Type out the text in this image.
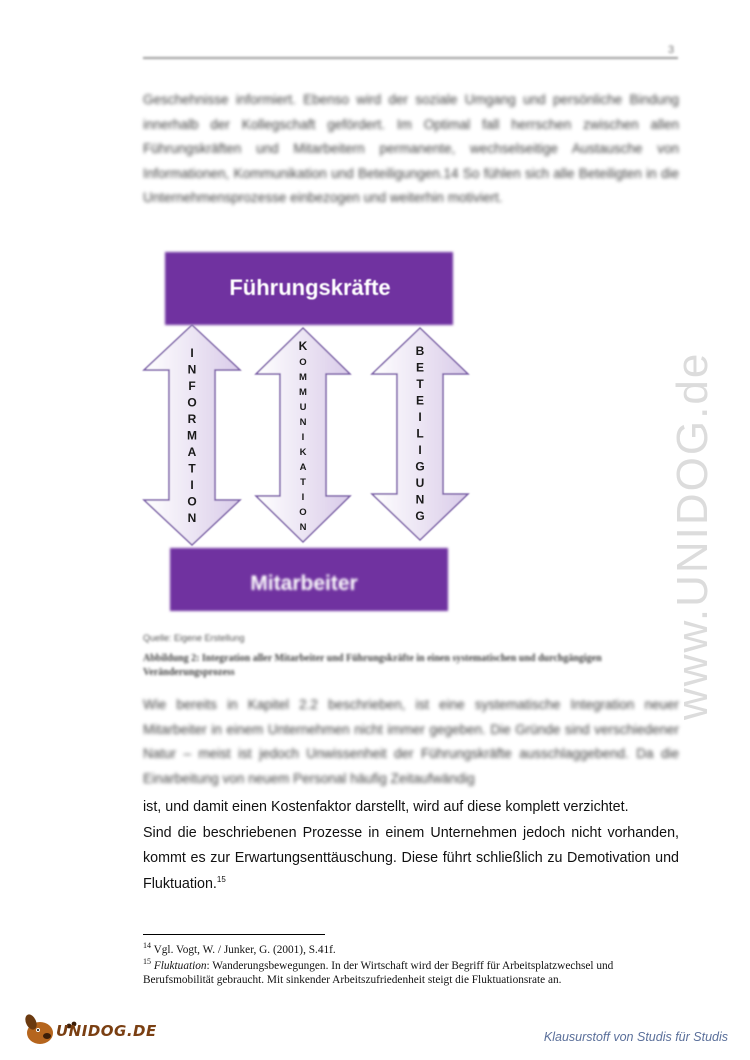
3
Geschehnisse informiert. Ebenso wird der soziale Umgang und persönliche Bindung innerhalb der Kollegschaft gefördert. Im Optimal fall herrschen zwischen allen Führungskräften und Mitarbeitern permanente, wechselseitige Austausche von Informationen, Kommunikation und Beteiligungen.14 So fühlen sich alle Beteiligten in die Unternehmensprozesse einbezogen und weiterhin motiviert.
Führungskräfte
I
N
F
O
R
M
A
T
I
O
N
K
O
M
M
U
N
I
K
A
T
I
O
N
B
E
T
E
I
L
I
G
U
N
G
Mitarbeiter
Quelle: Eigene Erstellung
Abbildung 2: Integration aller Mitarbeiter und Führungskräfte in einen systematischen und durchgängigen Veränderungsprozess
Wie bereits in Kapitel 2.2 beschrieben, ist eine systematische Integration neuer Mitarbeiter in einem Unternehmen nicht immer gegeben. Die Gründe sind verschiedener Natur – meist ist jedoch Unwissenheit der Führungskräfte ausschlaggebend. Da die Einarbeitung von neuem Personal häufig Zeitaufwändig
ist, und damit einen Kostenfaktor darstellt, wird auf diese komplett verzichtet.
Sind die beschriebenen Prozesse in einem Unternehmen jedoch nicht vorhanden, kommt es zur Erwartungsenttäuschung. Diese führt schließlich zu Demotivation und Fluktuation.$^{15}$
$^{14}$ Vgl. Vogt, W. / Junker, G. (2001), S.41f.
$^{15}$ Fluktuation: Wanderungsbewegungen. In der Wirtschaft wird der Begriff für Arbeitsplatzwechsel und Berufsmobilität gebraucht. Mit sinkender Arbeitszufriedenheit steigt die Fluktuationsrate an.
www.UNIDOG.de
UNIDOG.DE	Klausurstoff von Studis für Studis
